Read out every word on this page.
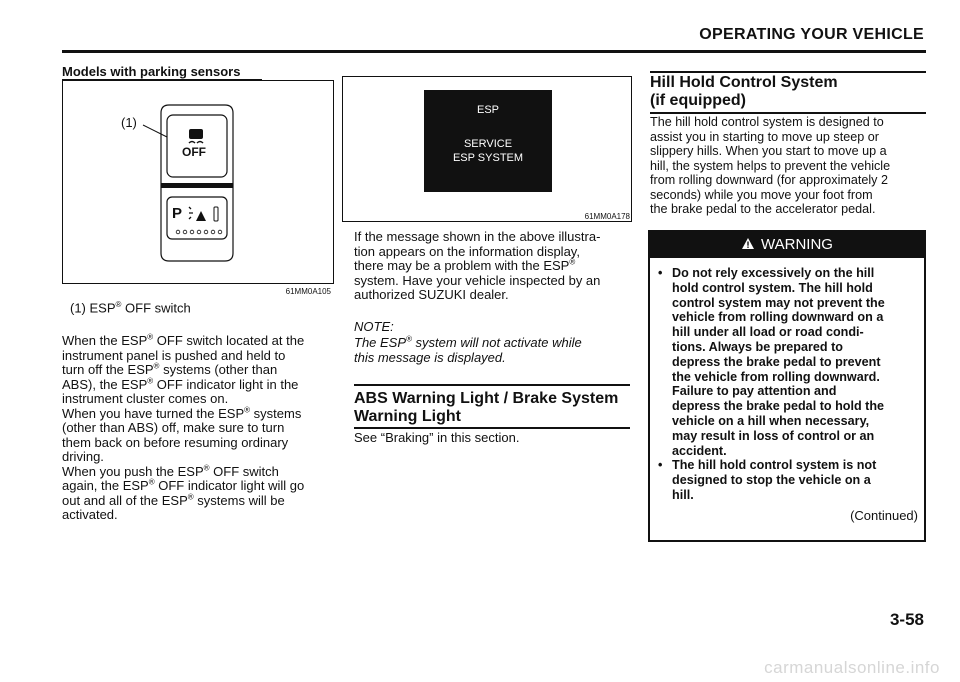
OPERATING YOUR VEHICLE
Models with parking sensors
(1)
OFF
P
61MM0A105
(1) ESP® OFF switch
When the ESP® OFF switch located at the
instrument panel is pushed and held to
turn off the ESP® systems (other than
ABS), the ESP® OFF indicator light in the
instrument cluster comes on.
When you have turned the ESP® systems
(other than ABS) off, make sure to turn
them back on before resuming ordinary
driving.
When you push the ESP® OFF switch
again, the ESP® OFF indicator light will go
out and all of the ESP® systems will be
activated.
ESP
SERVICE
ESP SYSTEM
61MM0A178
If the message shown in the above illustra-
tion appears on the information display,
there may be a problem with the ESP®
system. Have your vehicle inspected by an
authorized SUZUKI dealer.
NOTE:
The ESP® system will not activate while
this message is displayed.
ABS Warning Light / Brake System
Warning Light
See “Braking” in this section.
Hill Hold Control System
(if equipped)
The hill hold control system is designed to
assist you in starting to move up steep or
slippery hills. When you start to move up a
hill, the system helps to prevent the vehicle
from rolling downward (for approximately 2
seconds) while you move your foot from
the brake pedal to the accelerator pedal.
WARNING
• Do not rely excessively on the hill
hold control system. The hill hold
control system may not prevent the
vehicle from rolling downward on a
hill under all load or road condi-
tions. Always be prepared to
depress the brake pedal to prevent
the vehicle from rolling downward.
Failure to pay attention and
depress the brake pedal to hold the
vehicle on a hill when necessary,
may result in loss of control or an
accident.
• The hill hold control system is not
designed to stop the vehicle on a
hill.
(Continued)
3-58
carmanualsonline.info
